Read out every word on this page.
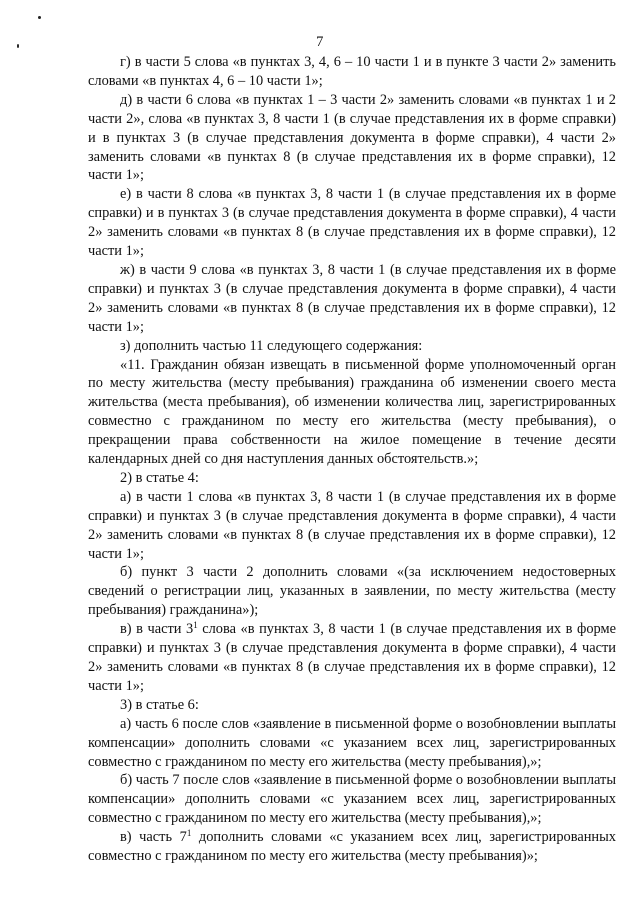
7

г) в части 5 слова «в пунктах 3, 4, 6 – 10 части 1 и в пункте 3 части 2» заменить словами «в пунктах 4, 6 – 10 части 1»;

д) в части 6 слова «в пунктах 1 – 3 части 2» заменить словами «в пунктах 1 и 2 части 2», слова «в пунктах 3, 8 части 1 (в случае представления их в форме справки) и в пунктах 3 (в случае представления документа в форме справки), 4 части 2» заменить словами «в пунктах 8 (в случае представления их в форме справки), 12 части 1»;

е) в части 8 слова «в пунктах 3, 8 части 1 (в случае представления их в форме справки) и в пунктах 3 (в случае представления документа в форме справки), 4 части 2» заменить словами «в пунктах 8 (в случае представления их в форме справки), 12 части 1»;

ж) в части 9 слова «в пунктах 3, 8 части 1 (в случае представления их в форме справки) и пунктах 3 (в случае представления документа в форме справки), 4 части 2» заменить словами «в пунктах 8 (в случае представления их в форме справки), 12 части 1»;

з) дополнить частью 11 следующего содержания:

«11. Гражданин обязан извещать в письменной форме уполномоченный орган по месту жительства (месту пребывания) гражданина об изменении своего места жительства (места пребывания), об изменении количества лиц, зарегистрированных совместно с гражданином по месту его жительства (месту пребывания), о прекращении права собственности на жилое помещение в течение десяти календарных дней со дня наступления данных обстоятельств.»;

2) в статье 4:

а) в части 1 слова «в пунктах 3, 8 части 1 (в случае представления их в форме справки) и пунктах 3 (в случае представления документа в форме справки), 4 части 2» заменить словами «в пунктах 8 (в случае представления их в форме справки), 12 части 1»;

б) пункт 3 части 2 дополнить словами «(за исключением недостоверных сведений о регистрации лиц, указанных в заявлении, по месту жительства (месту пребывания) гражданина»);

в) в части $3^1$ слова «в пунктах 3, 8 части 1 (в случае представления их в форме справки) и пунктах 3 (в случае представления документа в форме справки), 4 части 2» заменить словами «в пунктах 8 (в случае представления их в форме справки), 12 части 1»;

3) в статье 6:

а) часть 6 после слов «заявление в письменной форме о возобновлении выплаты компенсации» дополнить словами «с указанием всех лиц, зарегистрированных совместно с гражданином по месту его жительства (месту пребывания),»;

б) часть 7 после слов «заявление в письменной форме о возобновлении выплаты компенсации» дополнить словами «с указанием всех лиц, зарегистрированных совместно с гражданином по месту его жительства (месту пребывания),»;

в) часть $7^1$ дополнить словами «с указанием всех лиц, зарегистрированных совместно с гражданином по месту его жительства (месту пребывания)»;
